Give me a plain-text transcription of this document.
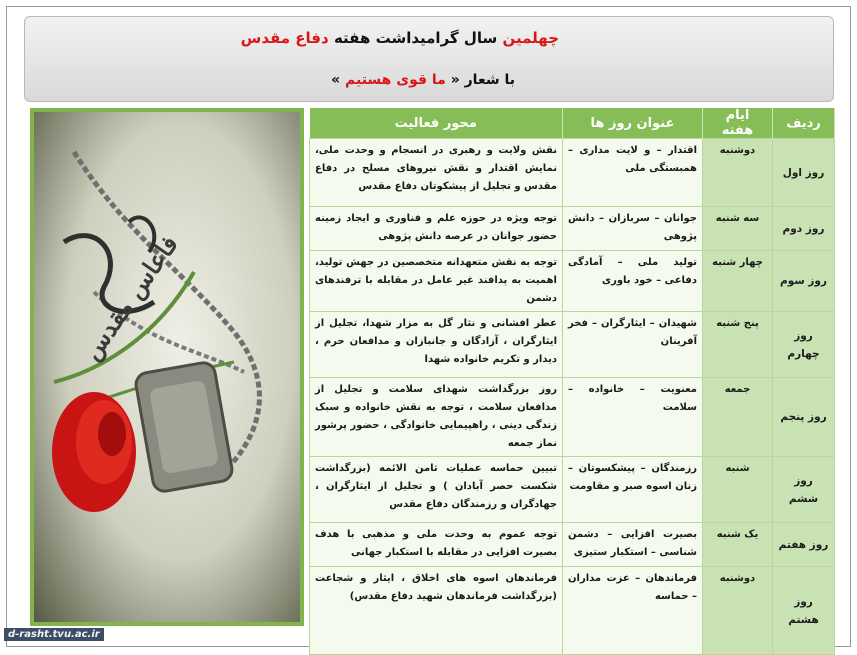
چهلمین سال گرامیداشت هفته دفاع مقدس
با شعار « ما قوی هستیم »
فاعاس مقدس
ردیف	ایام هفته	عنوان روز ها	محور فعالیت
روز اول	دوشنبه	اقتدار – و لایت مداری – همبستگی ملی	نقش ولایت و رهبری در انسجام و وحدت ملی، نمایش اقتدار و نقش نیروهای مسلح در دفاع مقدس و تجلیل از پیشکوتان دفاع مقدس
روز دوم	سه شنبه	جوانان – سربازان – دانش پژوهی	توجه ویژه در حوزه علم و فناوری و ایجاد زمینه حضور جوانان در عرصه دانش پژوهی
روز سوم	چهار شنبه	تولید ملی – آمادگی دفاعی – خود باوری	توجه به نقش متعهدانه متخصصین در جهش تولید، اهمیت به پدافند غیر عامل در مقابله با ترفندهای دشمن
روز چهارم	پنج شنبه	شهیدان – ایثارگران – فخر آفرینان	عطر افشانی و نثار گل به مزار شهدا، تجلیل از ایثارگران ، آزادگان و جانبازان و مدافعان حرم ، دیدار و تکریم خانواده شهدا
روز پنجم	جمعه	معنویت – خانواده – سلامت	روز بزرگداشت شهدای سلامت و تجلیل از مدافعان سلامت ، توجه به نقش خانواده و سبک زندگی دینی ، راهپیمایی خانوادگی ، حضور پرشور نماز جمعه
روز ششم	شنبه	رزمندگان – پیشکسوتان – زنان اسوه صبر و مقاومت	تبیین حماسه عملیات ثامن الائمه (بزرگداشت شکست حصر آبادان ) و تجلیل از ایثارگران ، جهادگران و رزمندگان دفاع مقدس
روز هفتم	یک شنبه	بصیرت افزایی – دشمن شناسی – استکبار ستیزی	توجه عموم به وحدت ملی و مذهبی با هدف بصیرت افزایی در مقابله با استکبار جهانی
روز هشتم	دوشنبه	فرماندهان – عزت مداران – حماسه	فرماندهان اسوه های اخلاق ، ایثار و شجاعت (بزرگداشت فرماندهان شهید دفاع مقدس)
d-rasht.tvu.ac.ir
